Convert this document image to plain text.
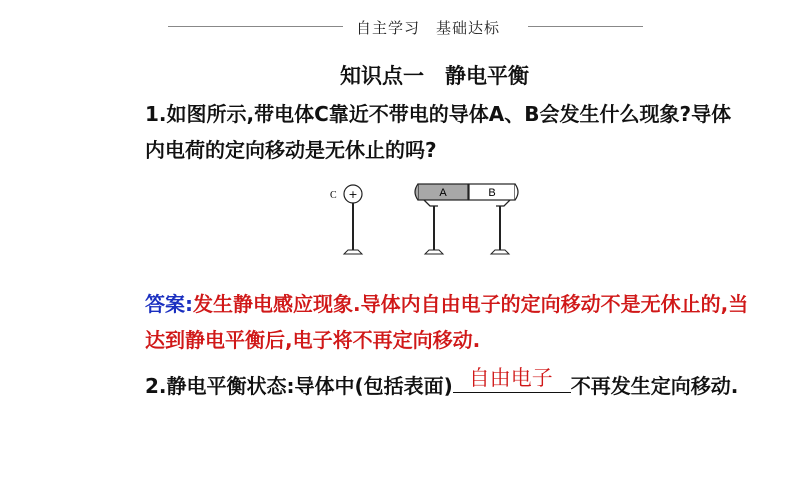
自主学习　基础达标
知识点一　静电平衡
1.如图所示,带电体C靠近不带电的导体A、B会发生什么现象?导体内电荷的定向移动是无休止的吗?
C +	A	B
答案:发生静电感应现象.导体内自由电子的定向移动不是无休止的,当达到静电平衡后,电子将不再定向移动.
2.静电平衡状态:导体中(包括表面) 自由电子 不再发生定向移动.
